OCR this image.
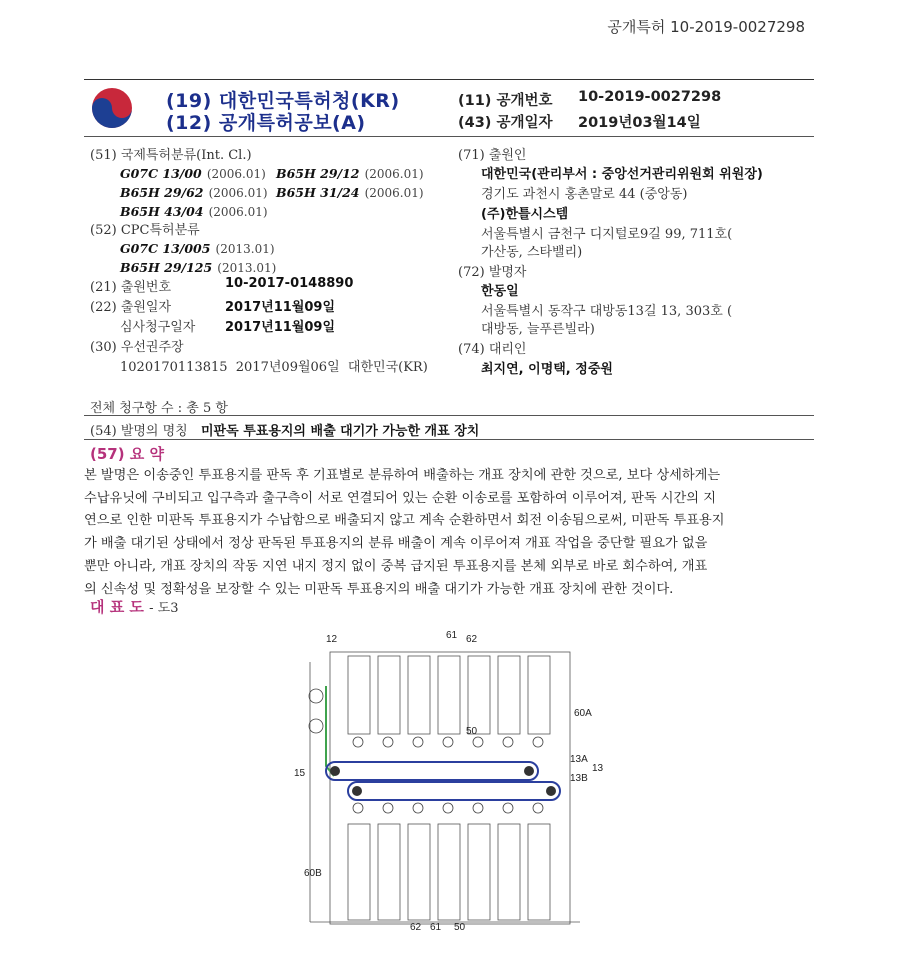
공개특허 10-2019-0027298
(19) 대한민국특허청(KR)
(12) 공개특허공보(A)
(11) 공개번호 10-2019-0027298
(43) 공개일자 2019년03월14일
(51) 국제특허분류(Int. Cl.)
G07C 13/00 (2006.01) B65H 29/12 (2006.01)
B65H 29/62 (2006.01) B65H 31/24 (2006.01)
B65H 43/04 (2006.01)
(52) CPC특허분류
G07C 13/005 (2013.01)
B65H 29/125 (2013.01)
(21) 출원번호	10-2017-0148890
(22) 출원일자	2017년11월09일
심사청구일자 2017년11월09일
(30) 우선권주장
1020170113815  2017년09월06일  대한민국(KR)
(71) 출원인
대한민국(관리부서 : 중앙선거관리위원회 위원장)
경기도 과천시 홍촌말로 44 (중앙동)
(주)한틀시스템
서울특별시 금천구 디지털로9길 99, 711호(
가산동, 스타밸리)
(72) 발명자
한동일
서울특별시 동작구 대방동13길 13, 303호 (
대방동, 늘푸른빌라)
(74) 대리인
최지연, 이명택, 정중원
전체 청구항 수 : 총 5 항
(54) 발명의 명칭 미판독 투표용지의 배출 대기가 가능한 개표 장치
(57) 요 약
본 발명은 이송중인 투표용지를 판독 후 기표별로 분류하여 배출하는 개표 장치에 관한 것으로, 보다 상세하게는
수납유닛에 구비되고 입구측과 출구측이 서로 연결되어 있는 순환 이송로를 포함하여 이루어져, 판독 시간의 지
연으로 인한 미판독 투표용지가 수납함으로 배출되지 않고 계속 순환하면서 회전 이송됨으로써, 미판독 투표용지
가 배출 대기된 상태에서 정상 판독된 투표용지의 분류 배출이 계속 이루어져 개표 작업을 중단할 필요가 없을
뿐만 아니라, 개표 장치의 작동 지연 내지 정지 없이 중복 급지된 투표용지를 본체 외부로 바로 회수하여, 개표
의 신속성 및 정확성을 보장할 수 있는 미판독 투표용지의 배출 대기가 가능한 개표 장치에 관한 것이다.
대 표 도 - 도3
12	61 62
60A
50
13A
13B
13
15
60B
62 61 50
